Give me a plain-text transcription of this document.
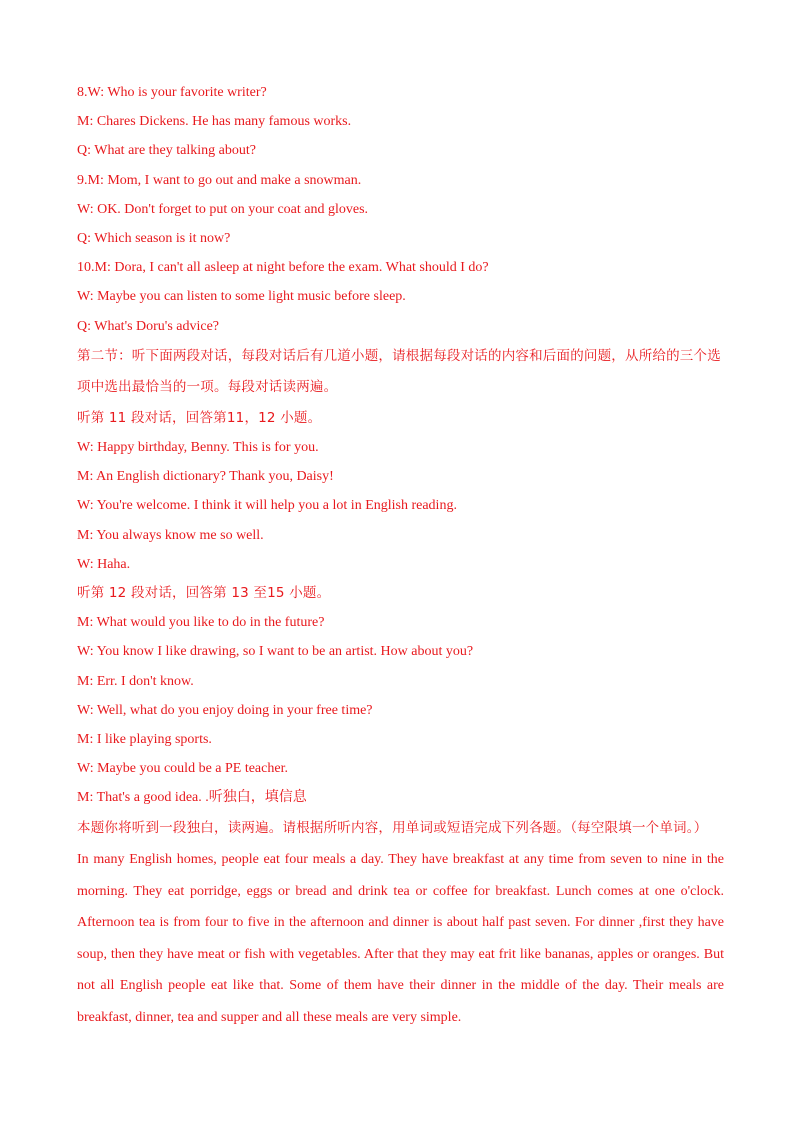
8.W: Who is your favorite writer?
M: Chares Dickens. He has many famous works.
Q: What are they talking about?
9.M: Mom, I want to go out and make a snowman.
W: OK. Don't forget to put on your coat and gloves.
Q: Which season is it now?
10.M: Dora, I can't all asleep at night before the exam. What should I do?
W: Maybe you can listen to some light music before sleep.
Q: What's Doru's advice?
第二节：听下面两段对话，每段对话后有几道小题，请根据每段对话的内容和后面的问题，从所给的三个选项中选出最恰当的一项。每段对话读两遍。
听第 11 段对话，回答第11，12 小题。
W: Happy birthday, Benny. This is for you.
M: An English dictionary? Thank you, Daisy!
W: You're welcome. I think it will help you a lot in English reading.
M: You always know me so well.
W: Haha.
听第 12 段对话，回答第 13 至15 小题。
M: What would you like to do in the future?
W: You know I like drawing, so I want to be an artist. How about you?
M: Err. I don't know.
W: Well, what do you enjoy doing in your free time?
M: I like playing sports.
W: Maybe you could be a PE teacher.
M: That's a good idea. .听独白，填信息
本题你将听到一段独白，读两遍。请根据所听内容，用单词或短语完成下列各题。（每空限填一个单词。）
In many English homes, people eat four meals a day. They have breakfast at any time from seven to nine in the morning. They eat porridge, eggs or bread and drink tea or coffee for breakfast. Lunch comes at one o'clock. Afternoon tea is from four to five in the afternoon and dinner is about half past seven. For dinner ,first they have soup, then they have meat or fish with vegetables. After that they may eat frit like bananas, apples or oranges. But not all English people eat like that. Some of them have their dinner in the middle of the day. Their meals are breakfast, dinner, tea and supper and all these meals are very simple.
